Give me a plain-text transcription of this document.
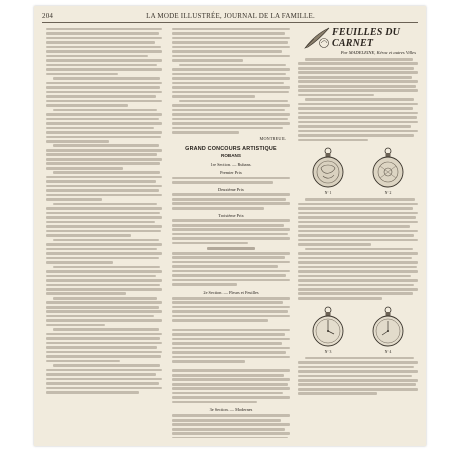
204	LA MODE ILLUSTRÉE, JOURNAL DE LA FAMILLE.
MONTREUIL
GRAND CONCOURS ARTISTIQUE
ROBANS
1re Section. — Rubans.
Premier Prix
Deuxième Prix
Troisième Prix
2e Section. — Fleurs et Feuilles
3e Section. — Modernes
FEUILLES DU CARNET
Par MADELEINE, Kérac et autres Villes
Nº 1	Nº 2
Nº 3	Nº 4
